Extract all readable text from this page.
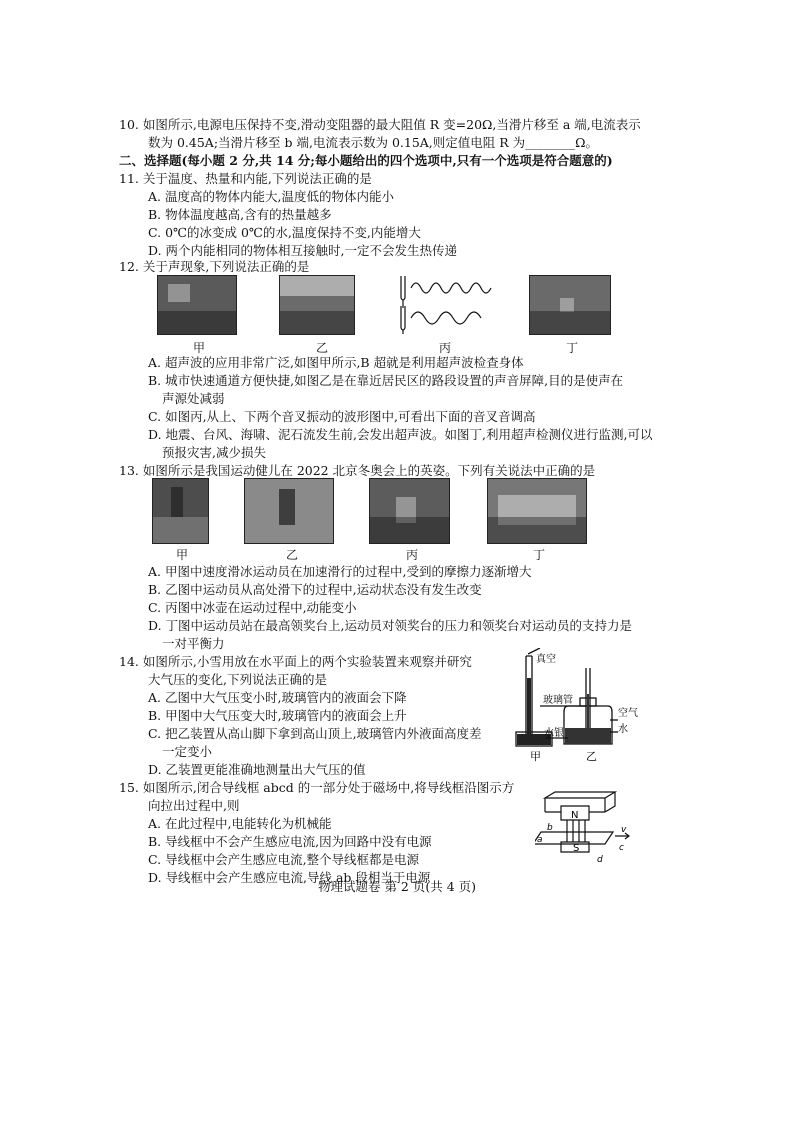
10. 如图所示,电源电压保持不变,滑动变阻器的最大阻值 R 变=20Ω,当滑片移至 a 端,电流表示
数为 0.45A;当滑片移至 b 端,电流表示数为 0.15A,则定值电阻 R 为________Ω。
二、选择题(每小题 2 分,共 14 分;每小题给出的四个选项中,只有一个选项是符合题意的)
11. 关于温度、热量和内能,下列说法正确的是
A. 温度高的物体内能大,温度低的物体内能小
B. 物体温度越高,含有的热量越多
C. 0℃的冰变成 0℃的水,温度保持不变,内能增大
D. 两个内能相同的物体相互接触时,一定不会发生热传递
12. 关于声现象,下列说法正确的是
甲	乙	丙	丁
A. 超声波的应用非常广泛,如图甲所示,B 超就是利用超声波检查身体
B. 城市快速通道方便快捷,如图乙是在靠近居民区的路段设置的声音屏障,目的是使声在
声源处减弱
C. 如图丙,从上、下两个音叉振动的波形图中,可看出下面的音叉音调高
D. 地震、台风、海啸、泥石流发生前,会发出超声波。如图丁,利用超声检测仪进行监测,可以
预报灾害,减少损失
13. 如图所示是我国运动健儿在 2022 北京冬奥会上的英姿。下列有关说法中正确的是
甲	乙	丙	丁
A. 甲图中速度滑冰运动员在加速滑行的过程中,受到的摩擦力逐渐增大
B. 乙图中运动员从高处滑下的过程中,运动状态没有发生改变
C. 丙图中冰壶在运动过程中,动能变小
D. 丁图中运动员站在最高领奖台上,运动员对领奖台的压力和领奖台对运动员的支持力是
一对平衡力
14. 如图所示,小雪用放在水平面上的两个实验装置来观察并研究
大气压的变化,下列说法正确的是
A. 乙图中大气压变小时,玻璃管内的液面会下降
B. 甲图中大气压变大时,玻璃管内的液面会上升
C. 把乙装置从高山脚下拿到高山顶上,玻璃管内外液面高度差
一定变小
D. 乙装置更能准确地测量出大气压的值
真空
玻璃管
空气
水
水银
甲	乙
15. 如图所示,闭合导线框 abcd 的一部分处于磁场中,将导线框沿图示方
向拉出过程中,则
A. 在此过程中,电能转化为机械能
B. 导线框中不会产生感应电流,因为回路中没有电源
C. 导线框中会产生感应电流,整个导线框都是电源
D. 导线框中会产生感应电流,导线 ab 段相当于电源
N
S
v
a
b
c
d
物理试题卷 第 2 页(共 4 页)
